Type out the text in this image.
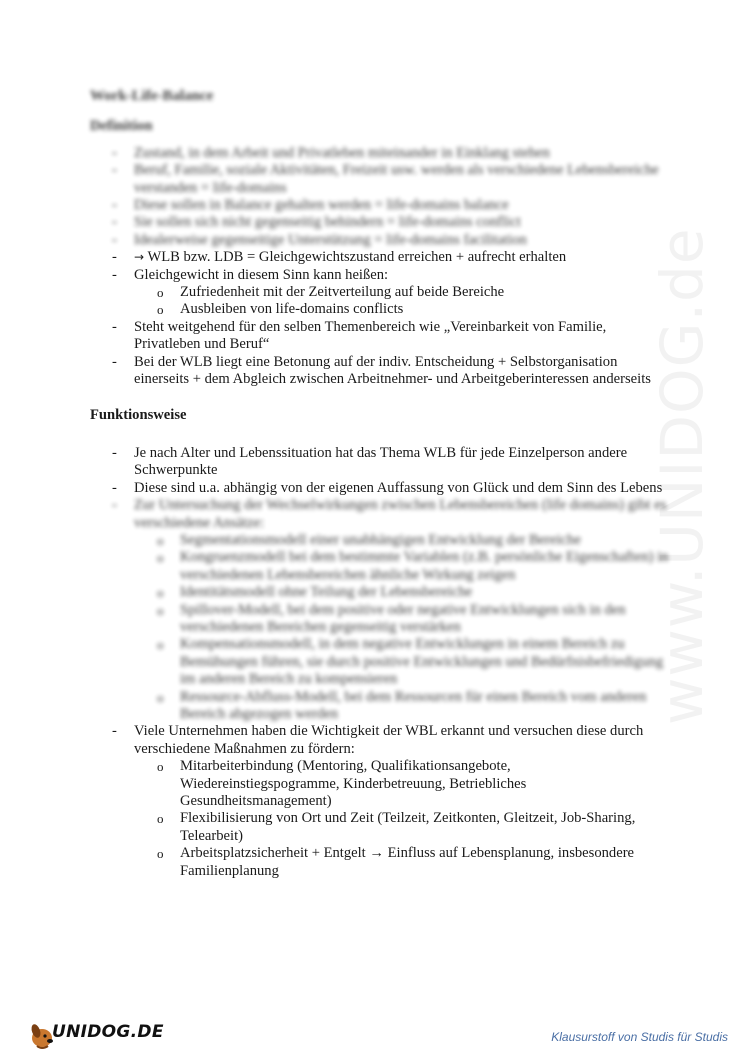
www.UNIDOG.de
Work-Life-Balance
Definition
- Zustand, in dem Arbeit und Privatleben miteinander in Einklang stehen
- Beruf, Familie, soziale Aktivitäten, Freizeit usw. werden als verschiedene Lebensbereiche verstanden = life-domains
- Diese sollen in Balance gehalten werden = life-domains balance
- Sie sollen sich nicht gegenseitig behindern = life-domains conflict
- Idealerweise gegenseitige Unterstützung = life-domains facilitation
- → WLB bzw. LDB = Gleichgewichtszustand erreichen + aufrecht erhalten
- Gleichgewicht in diesem Sinn kann heißen:
o Zufriedenheit mit der Zeitverteilung auf beide Bereiche
o Ausbleiben von life-domains conflicts
- Steht weitgehend für den selben Themenbereich wie „Vereinbarkeit von Familie, Privatleben und Beruf“
- Bei der WLB liegt eine Betonung auf der indiv. Entscheidung + Selbstorganisation einerseits + dem Abgleich zwischen Arbeitnehmer- und Arbeitgeberinteressen anderseits
Funktionsweise
- Je nach Alter und Lebenssituation hat das Thema WLB für jede Einzelperson andere Schwerpunkte
- Diese sind u.a. abhängig von der eigenen Auffassung von Glück und dem Sinn des Lebens
- Zur Untersuchung der Wechselwirkungen zwischen Lebensbereichen (life domains) gibt es verschiedene Ansätze:
o Segmentationsmodell einer unabhängigen Entwicklung der Bereiche
o Kongruenzmodell bei dem bestimmte Variablen (z.B. persönliche Eigenschaften) in verschiedenen Lebensbereichen ähnliche Wirkung zeigen
o Identitätsmodell ohne Teilung der Lebensbereiche
o Spillover-Modell, bei dem positive oder negative Entwicklungen sich in den verschiedenen Bereichen gegenseitig verstärken
o Kompensationsmodell, in dem negative Entwicklungen in einem Bereich zu Bemühungen führen, sie durch positive Entwicklungen und Bedürfnisbefriedigung im anderen Bereich zu kompensieren
o Ressource-Abfluss-Modell, bei dem Ressourcen für einen Bereich vom anderen Bereich abgezogen werden
- Viele Unternehmen haben die Wichtigkeit der WBL erkannt und versuchen diese durch verschiedene Maßnahmen zu fördern:
o Mitarbeiterbindung (Mentoring, Qualifikationsangebote, Wiedereinstiegspogramme, Kinderbetreuung, Betriebliches Gesundheitsmanagement)
o Flexibilisierung von Ort und Zeit (Teilzeit, Zeitkonten, Gleitzeit, Job-Sharing, Telearbeit)
o Arbeitsplatzsicherheit + Entgelt → Einfluss auf Lebensplanung, insbesondere Familienplanung
UNIDOG.DE	Klausurstoff von Studis für Studis
